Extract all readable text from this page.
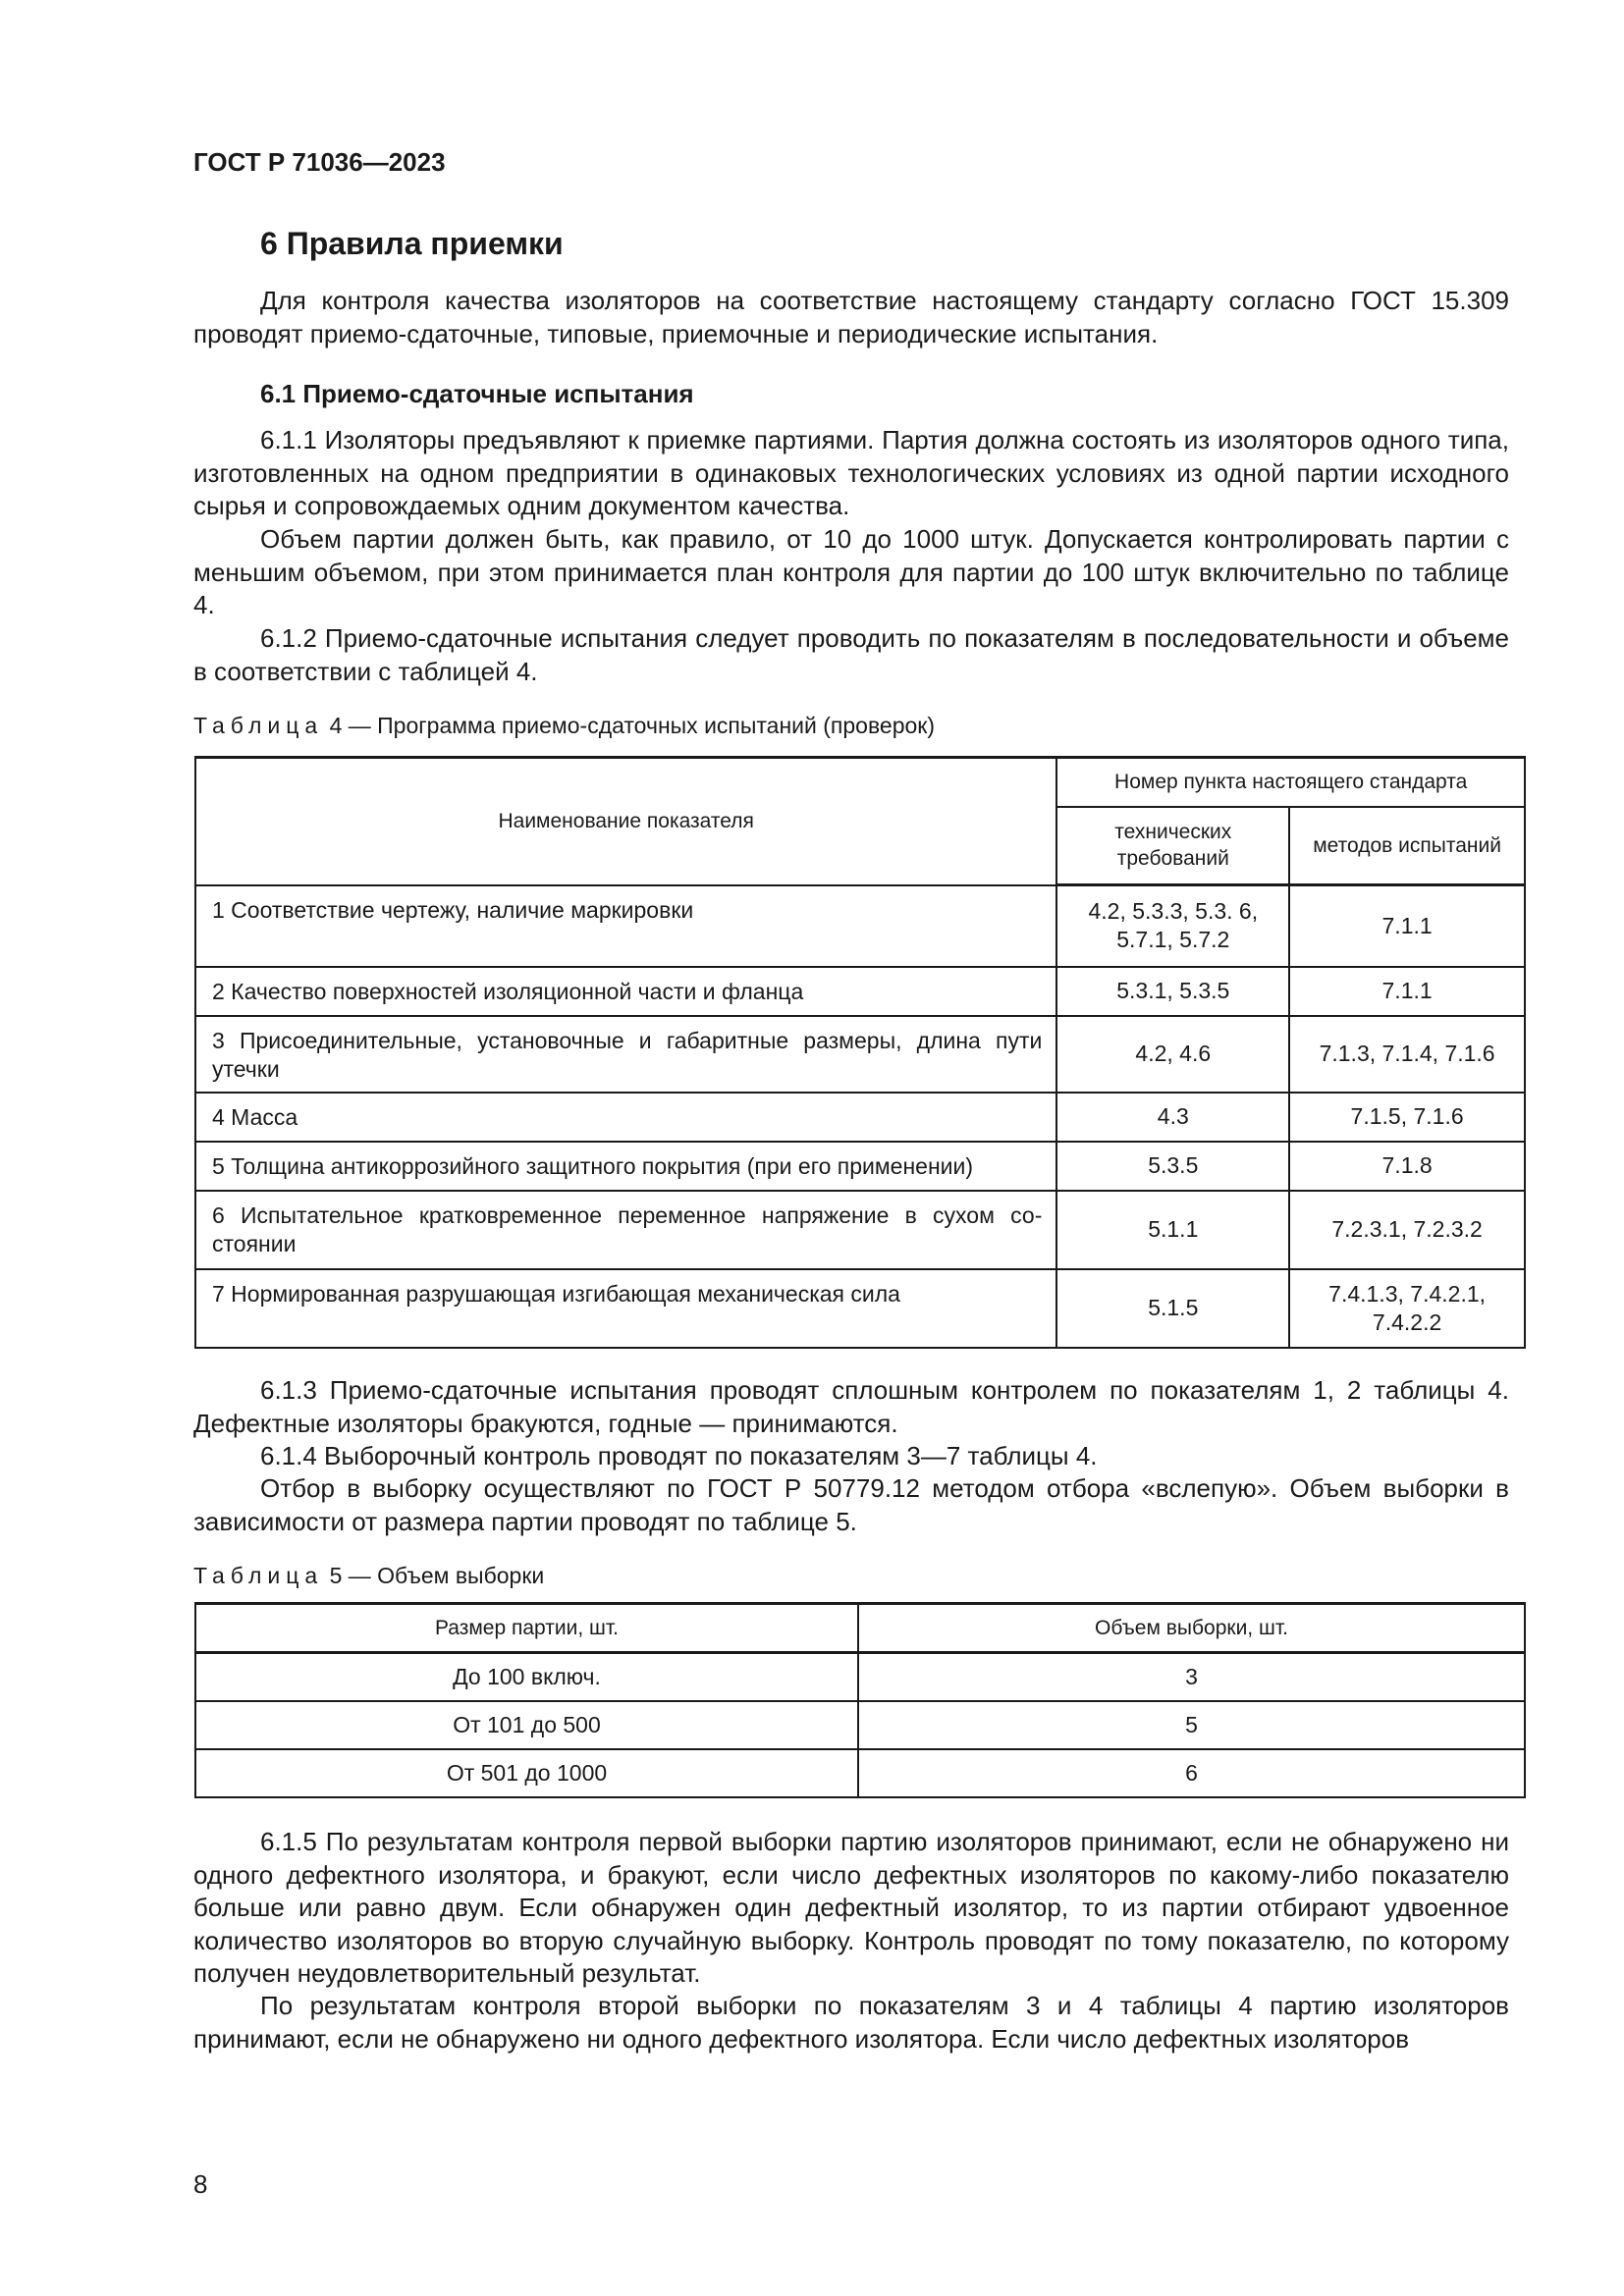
ГОСТ Р 71036—2023
6 Правила приемки
Для контроля качества изоляторов на соответствие настоящему стандарту согласно ГОСТ 15.309 проводят приемо-сдаточные, типовые, приемочные и периодические испытания.
6.1 Приемо-сдаточные испытания
6.1.1 Изоляторы предъявляют к приемке партиями. Партия должна состоять из изоляторов одного типа, изготовленных на одном предприятии в одинаковых технологических условиях из одной партии исходного сырья и сопровождаемых одним документом качества.
Объем партии должен быть, как правило, от 10 до 1000 штук. Допускается контролировать партии с меньшим объемом, при этом принимается план контроля для партии до 100 штук включительно по таблице 4.
6.1.2 Приемо-сдаточные испытания следует проводить по показателям в последовательности и объеме в соответствии с таблицей 4.
Таблица 4 — Программа приемо-сдаточных испытаний (проверок)
Наименование показателя	Номер пункта настоящего стандарта	
	технических требований	методов испытаний
1 Соответствие чертежу, наличие маркировки	4.2, 5.3.3, 5.3. 6, 5.7.1, 5.7.2	7.1.1
2 Качество поверхностей изоляционной части и фланца	5.3.1, 5.3.5	7.1.1
3 Присоединительные, установочные и габаритные размеры, длина пути утечки	4.2, 4.6	7.1.3, 7.1.4, 7.1.6
4 Масса	4.3	7.1.5, 7.1.6
5 Толщина антикоррозийного защитного покрытия (при его применении)	5.3.5	7.1.8
6 Испытательное кратковременное переменное напряжение в сухом состоянии	5.1.1	7.2.3.1, 7.2.3.2
7 Нормированная разрушающая изгибающая механическая сила	5.1.5	7.4.1.3, 7.4.2.1, 7.4.2.2
6.1.3 Приемо-сдаточные испытания проводят сплошным контролем по показателям 1, 2 таблицы 4. Дефектные изоляторы бракуются, годные — принимаются.
6.1.4 Выборочный контроль проводят по показателям 3—7 таблицы 4.
Отбор в выборку осуществляют по ГОСТ Р 50779.12 методом отбора «вслепую». Объем выборки в зависимости от размера партии проводят по таблице 5.
Таблица 5 — Объем выборки
Размер партии, шт.	Объем выборки, шт.
До 100 включ.	3
От 101 до 500	5
От 501 до 1000	6
6.1.5 По результатам контроля первой выборки партию изоляторов принимают, если не обнаружено ни одного дефектного изолятора, и бракуют, если число дефектных изоляторов по какому-либо показателю больше или равно двум. Если обнаружен один дефектный изолятор, то из партии отбирают удвоенное количество изоляторов во вторую случайную выборку. Контроль проводят по тому показателю, по которому получен неудовлетворительный результат.
По результатам контроля второй выборки по показателям 3 и 4 таблицы 4 партию изоляторов принимают, если не обнаружено ни одного дефектного изолятора. Если число дефектных изоляторов
8
